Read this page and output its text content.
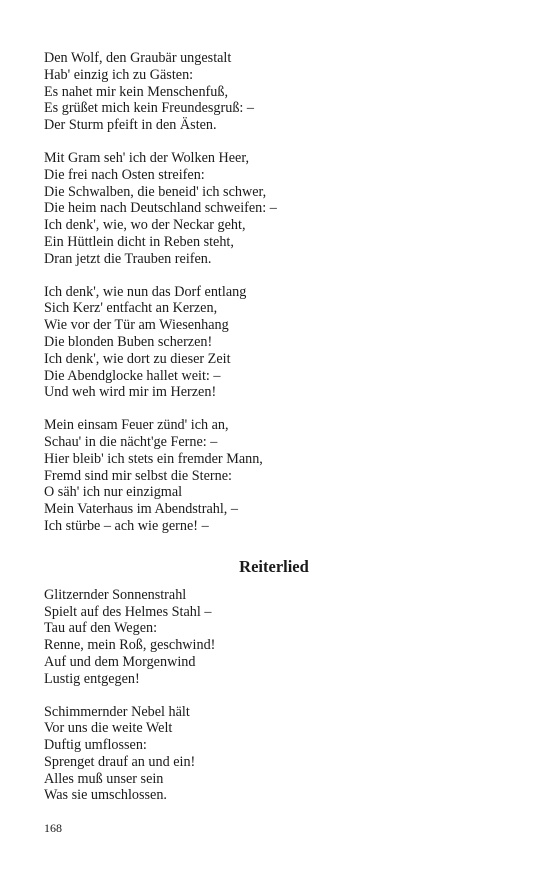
Den Wolf, den Graubär ungestalt
Hab' einzig ich zu Gästen:
Es nahet mir kein Menschenfuß,
Es grüßet mich kein Freundesgruß: –
Der Sturm pfeift in den Ästen.
Mit Gram seh' ich der Wolken Heer,
Die frei nach Osten streifen:
Die Schwalben, die beneid' ich schwer,
Die heim nach Deutschland schweifen: –
Ich denk', wie, wo der Neckar geht,
Ein Hüttlein dicht in Reben steht,
Dran jetzt die Trauben reifen.
Ich denk', wie nun das Dorf entlang
Sich Kerz' entfacht an Kerzen,
Wie vor der Tür am Wiesenhang
Die blonden Buben scherzen!
Ich denk', wie dort zu dieser Zeit
Die Abendglocke hallet weit: –
Und weh wird mir im Herzen!
Mein einsam Feuer zünd' ich an,
Schau' in die nächt'ge Ferne: –
Hier bleib' ich stets ein fremder Mann,
Fremd sind mir selbst die Sterne:
O säh' ich nur einzigmal
Mein Vaterhaus im Abendstrahl, –
Ich stürbe – ach wie gerne! –
Reiterlied
Glitzernder Sonnenstrahl
Spielt auf des Helmes Stahl –
Tau auf den Wegen:
Renne, mein Roß, geschwind!
Auf und dem Morgenwind
Lustig entgegen!
Schimmernder Nebel hält
Vor uns die weite Welt
Duftig umflossen:
Sprenget drauf an und ein!
Alles muß unser sein
Was sie umschlossen.
168
